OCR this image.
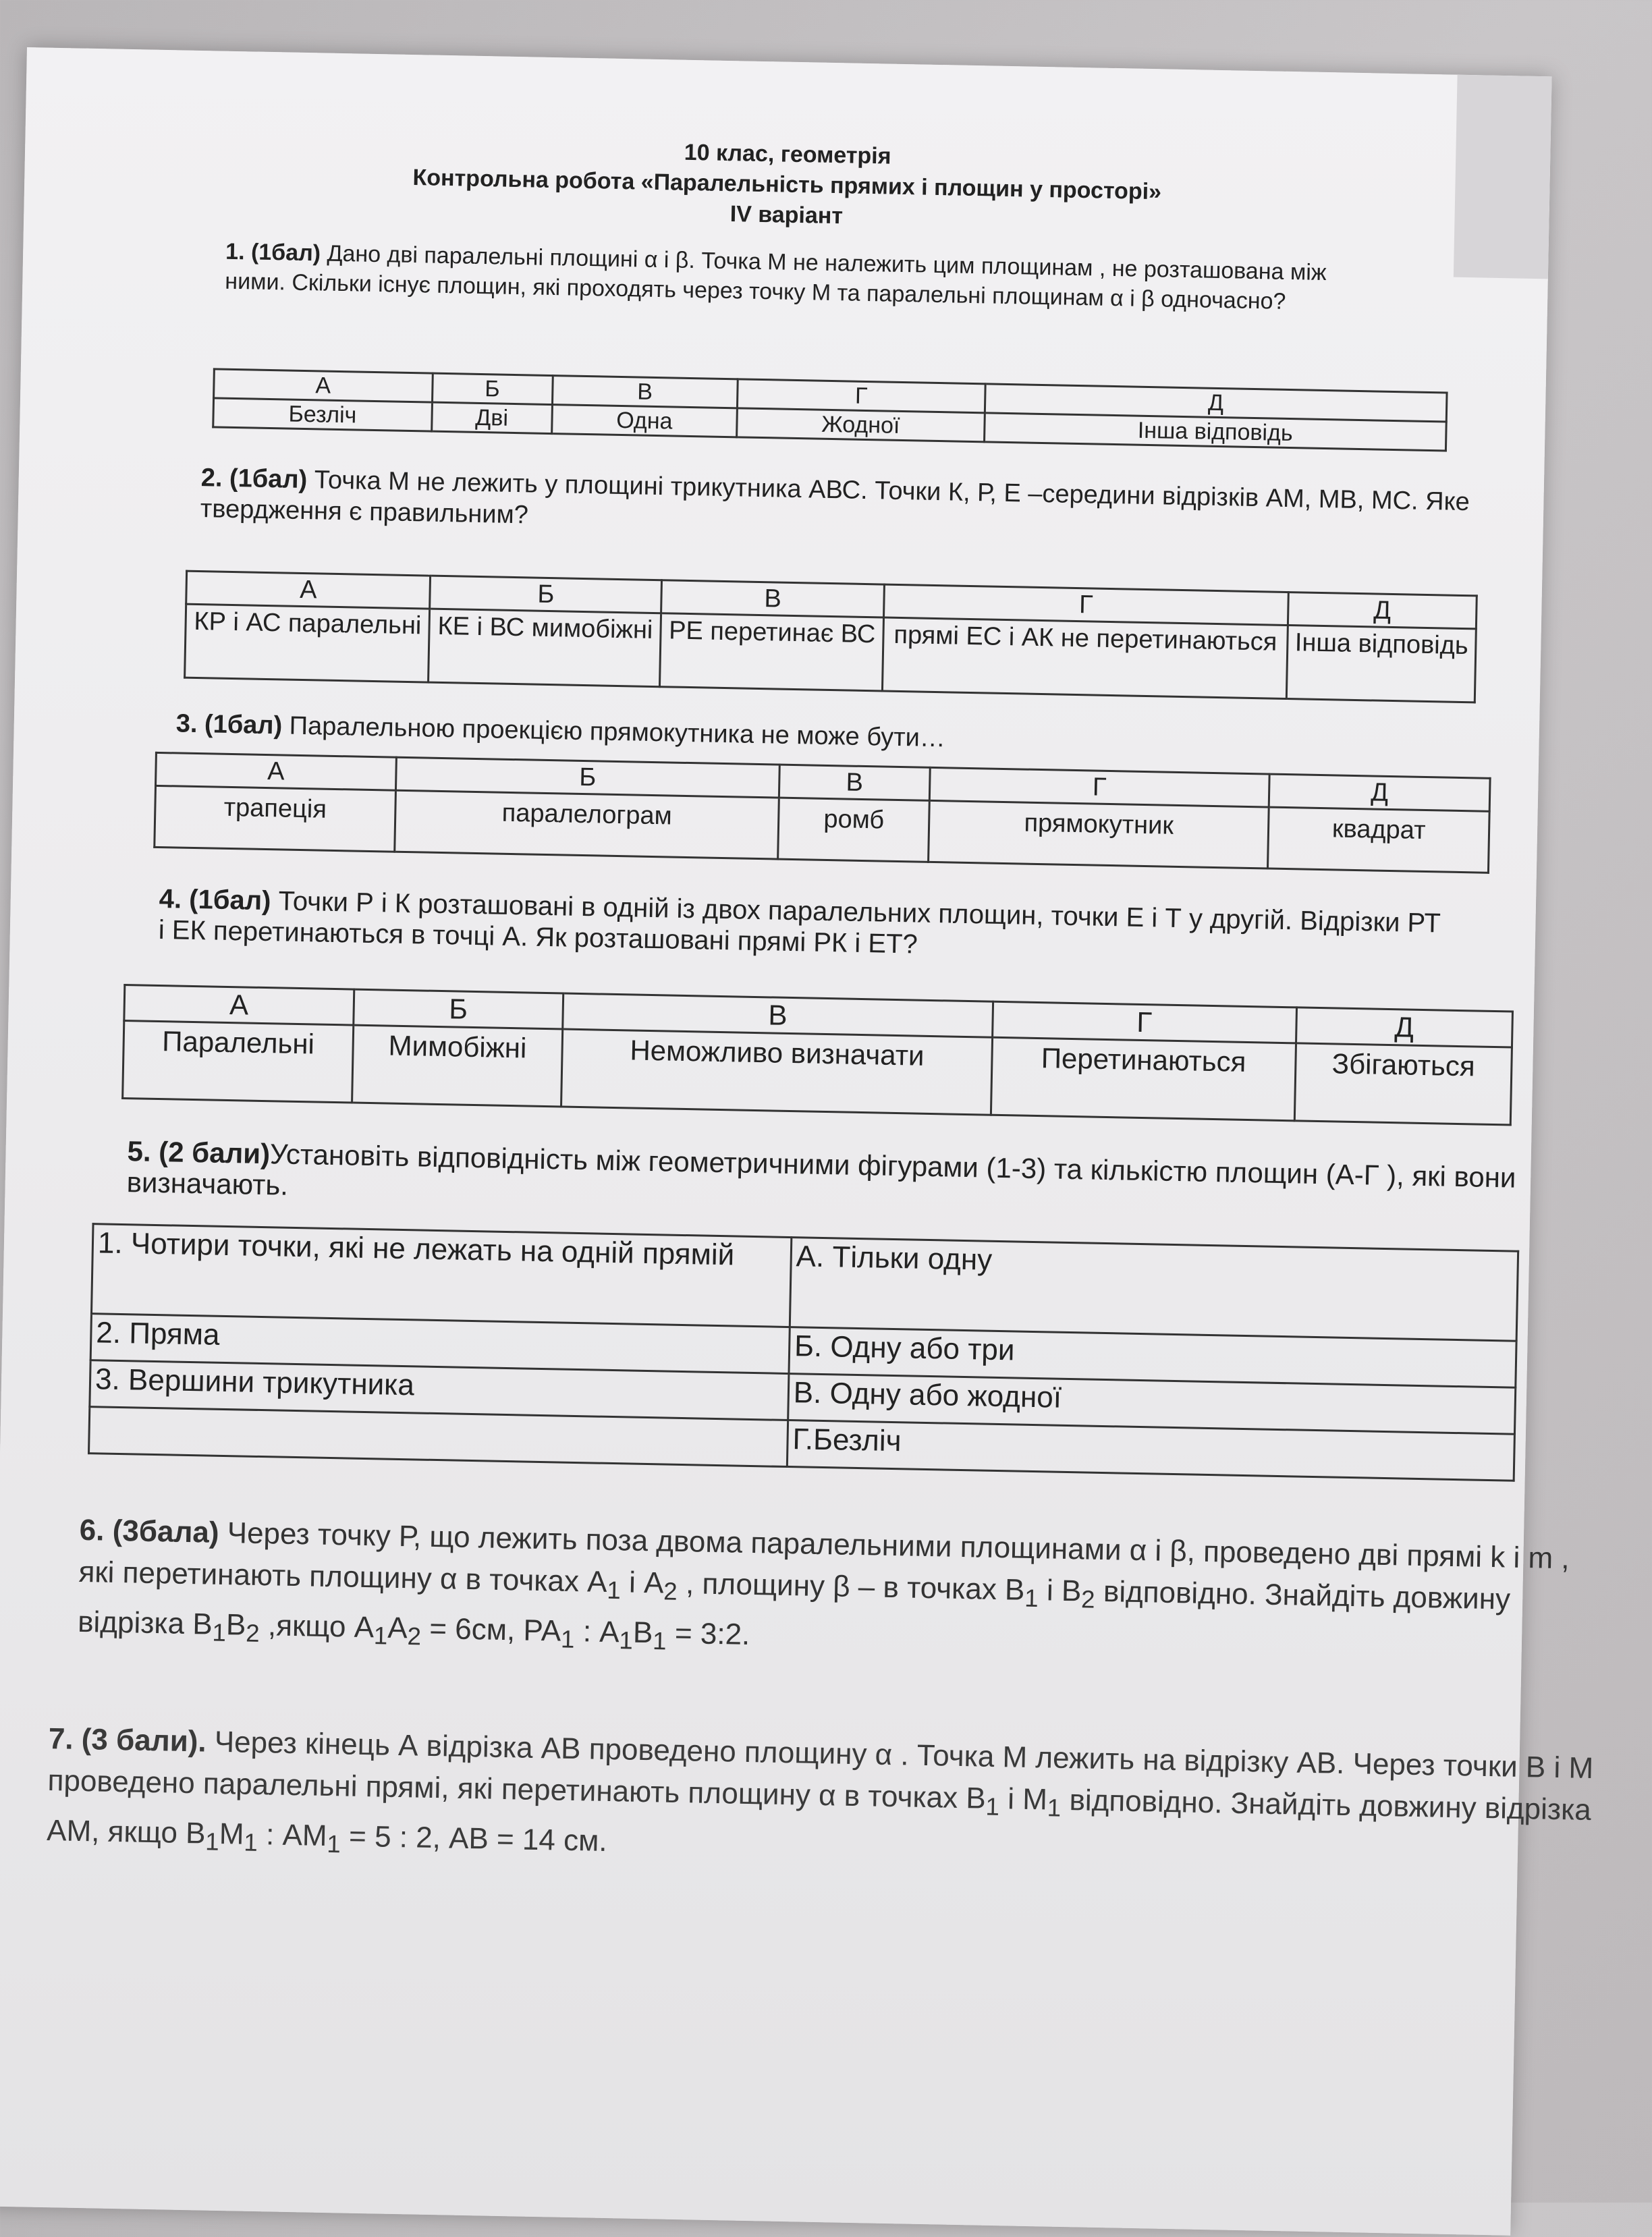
10 клас, геометрія
Контрольна робота «Паралельність прямих і площин у просторі»
IV варіант
1. (1бал) Дано дві паралельні площині α і β. Точка М не належить цим площинам , не розташована між ними. Скільки існує площин, які проходять через точку М та паралельні площинам α і β одночасно?
А	Б	В	Г	Д
Безліч	Дві	Одна	Жодної	Інша відповідь
2. (1бал) Точка М не лежить у площині трикутника АВС. Точки К, Р, Е –середини відрізків АМ, МВ, МС. Яке твердження є правильним?
А	Б	В	Г	Д
КР і АС паралельні	КЕ і ВС мимобіжні	РЕ перетинає ВС	прямі ЕС і АК не перетинаються	Інша відповідь
3. (1бал) Паралельною проекцією прямокутника не може бути…
А	Б	В	Г	Д
трапеція	паралелограм	ромб	прямокутник	квадрат
4. (1бал) Точки Р і К розташовані в одній із двох паралельних площин, точки Е і Т у другій. Відрізки РТ і ЕК перетинаються в точці А. Як розташовані прямі РК і ЕТ?
А	Б	В	Г	Д
Паралельні	Мимобіжні	Неможливо визначати	Перетинаються	Збігаються
5. (2 бали)Установіть відповідність між геометричними фігурами (1-3) та кількістю площин (А-Г ), які вони визначають.
1. Чотири точки, які не лежать на одній прямій	А. Тільки одну
2. Пряма	Б. Одну або три
3. Вершини трикутника	В. Одну або жодної
	Г.Безліч
6. (3бала) Через точку Р, що лежить поза двома паралельними площинами α і β, проведено дві прямі k і m , які перетинають площину α в точках $А_1$ і $А_2$ , площину β – в точках $В_1$ і $В_2$ відповідно. Знайдіть довжину відрізка $В_1В_2$ ,якщо $А_1А_2 = 6см$, $РА_1$ : $А_1В_1$ = 3:2.
7. (3 бали). Через кінець А відрізка АВ проведено площину α . Точка М лежить на відрізку АВ. Через точки В і М проведено паралельні прямі, які перетинають площину α в точках $В_1$ і $М_1$ відповідно. Знайдіть довжину відрізка АМ, якщо $В_1М_1$ : $АМ_1 = 5$ : 2, АВ = 14 см.
